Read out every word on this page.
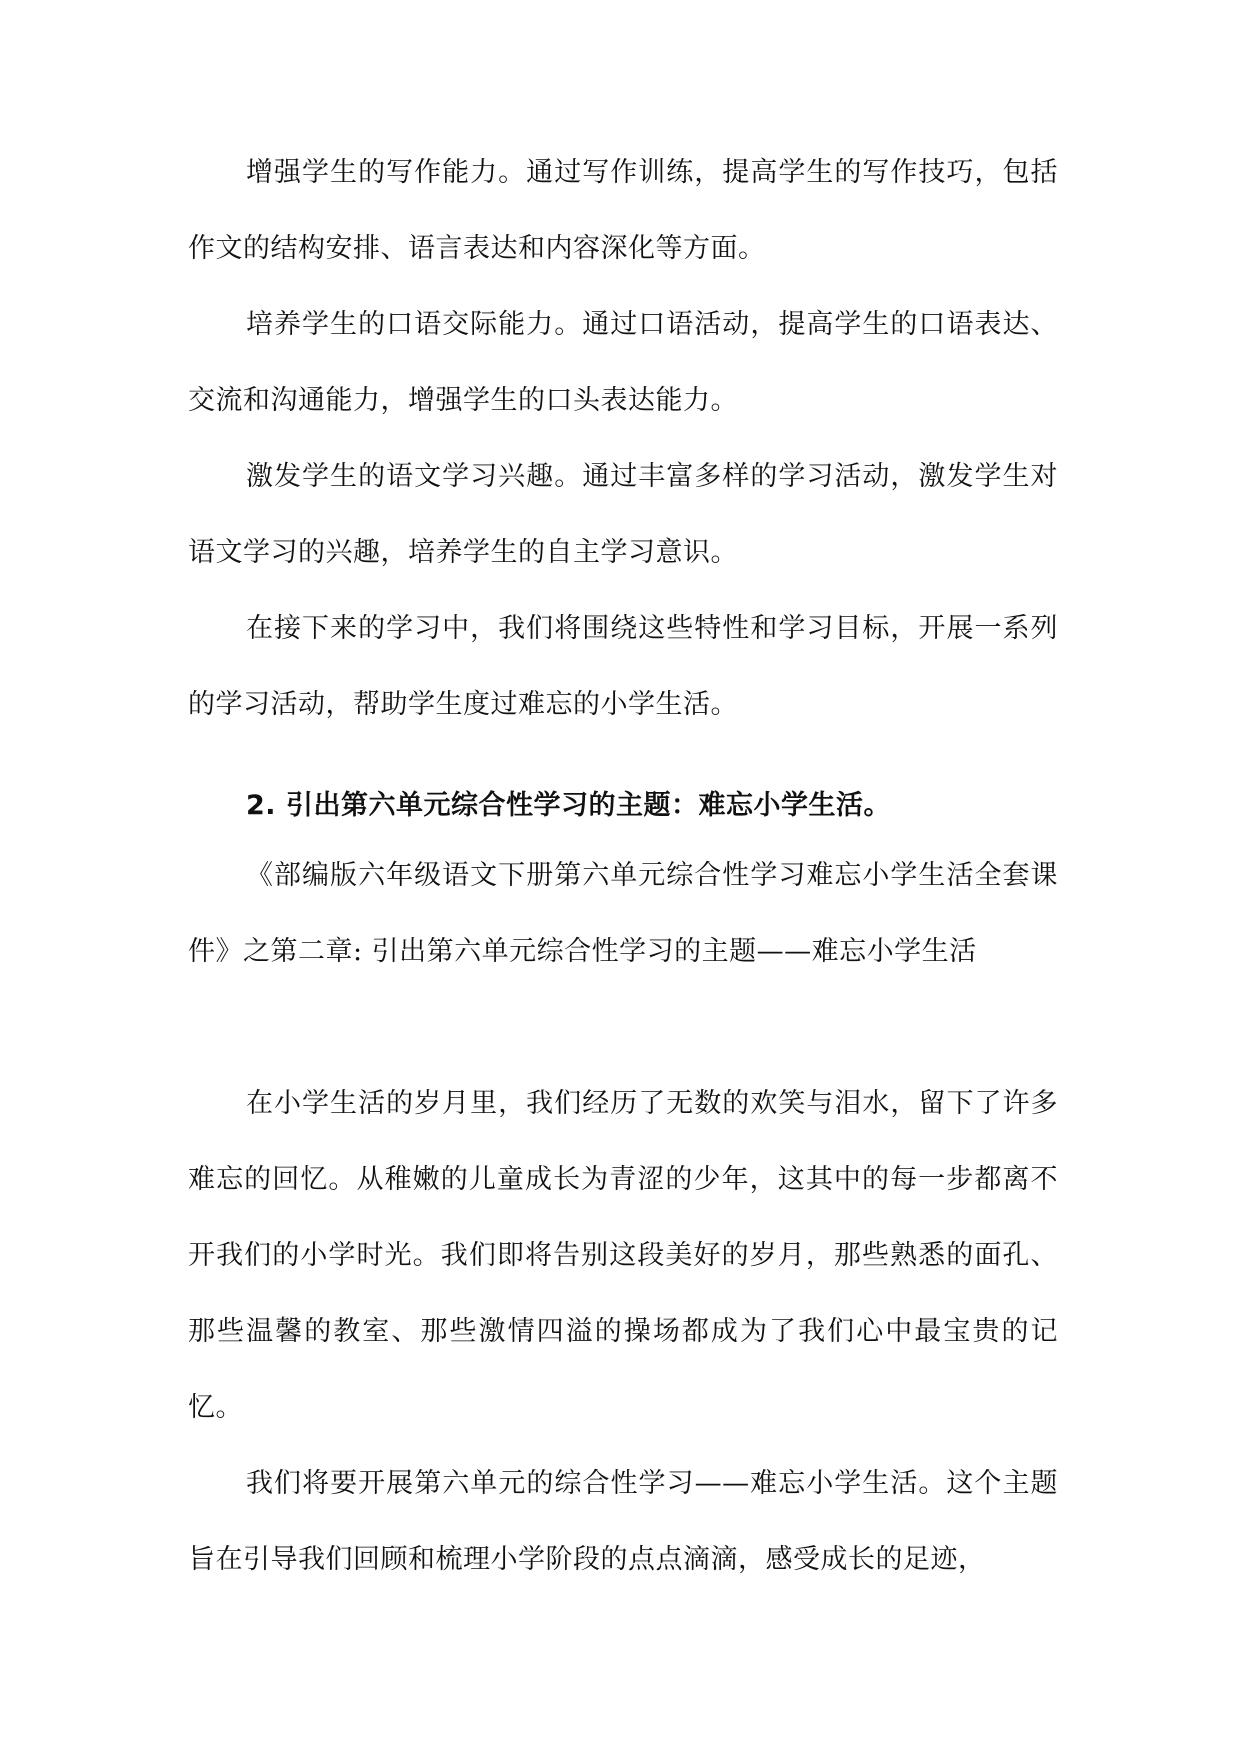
增强学生的写作能力。通过写作训练，提高学生的写作技巧，包括作文的结构安排、语言表达和内容深化等方面。

培养学生的口语交际能力。通过口语活动，提高学生的口语表达、交流和沟通能力，增强学生的口头表达能力。

激发学生的语文学习兴趣。通过丰富多样的学习活动，激发学生对语文学习的兴趣，培养学生的自主学习意识。

在接下来的学习中，我们将围绕这些特性和学习目标，开展一系列的学习活动，帮助学生度过难忘的小学生活。

2. 引出第六单元综合性学习的主题：难忘小学生活。

《部编版六年级语文下册第六单元综合性学习难忘小学生活全套课件》之第二章: 引出第六单元综合性学习的主题——难忘小学生活

在小学生活的岁月里，我们经历了无数的欢笑与泪水，留下了许多难忘的回忆。从稚嫩的儿童成长为青涩的少年，这其中的每一步都离不开我们的小学时光。我们即将告别这段美好的岁月，那些熟悉的面孔、那些温馨的教室、那些激情四溢的操场都成为了我们心中最宝贵的记忆。

我们将要开展第六单元的综合性学习——难忘小学生活。这个主题旨在引导我们回顾和梳理小学阶段的点点滴滴，感受成长的足迹，
